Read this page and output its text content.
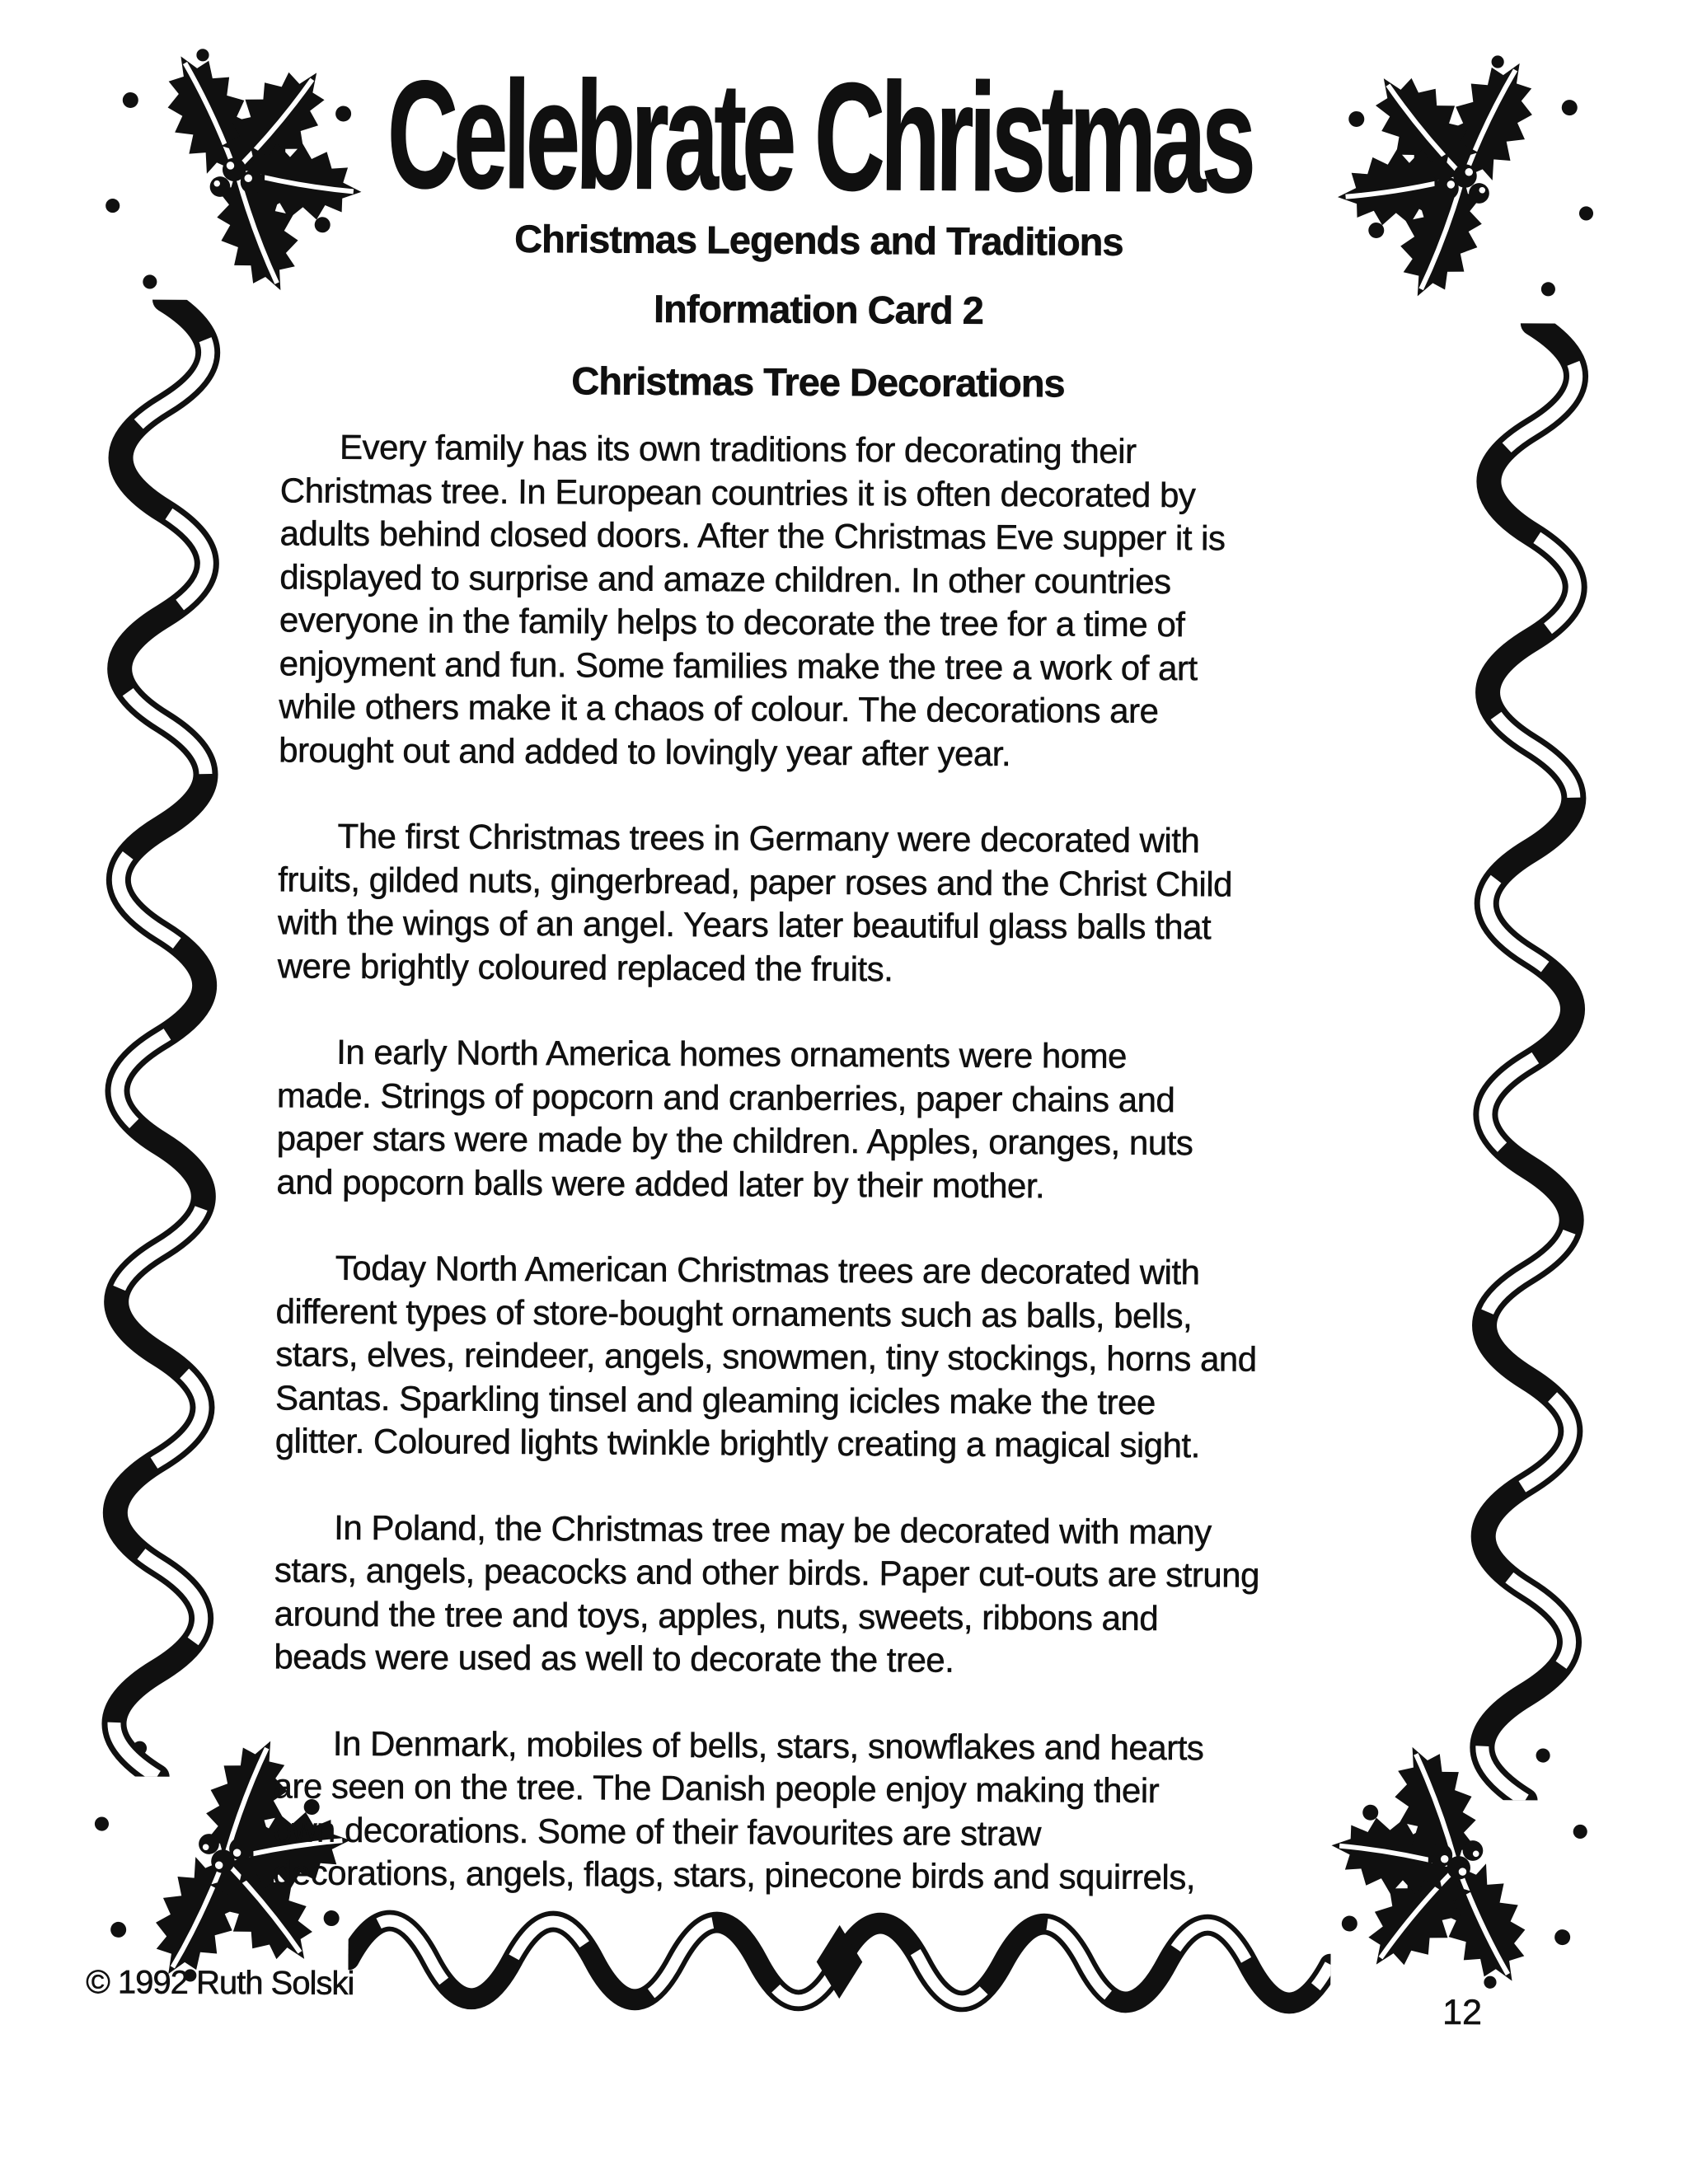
Celebrate Christmas
Christmas Legends and Traditions
Information Card 2
Christmas Tree Decorations

Every family has its own traditions for decorating their
Christmas tree. In European countries it is often decorated by
adults behind closed doors. After the Christmas Eve supper it is
displayed to surprise and amaze children. In other countries
everyone in the family helps to decorate the tree for a time of
enjoyment and fun. Some families make the tree a work of art
while others make it a chaos of colour. The decorations are
brought out and added to lovingly year after year.

The first Christmas trees in Germany were decorated with
fruits, gilded nuts, gingerbread, paper roses and the Christ Child
with the wings of an angel. Years later beautiful glass balls that
were brightly coloured replaced the fruits.

In early North America homes ornaments were home
made. Strings of popcorn and cranberries, paper chains and
paper stars were made by the children. Apples, oranges, nuts
and popcorn balls were added later by their mother.

Today North American Christmas trees are decorated with
different types of store-bought ornaments such as balls, bells,
stars, elves, reindeer, angels, snowmen, tiny stockings, horns and
Santas. Sparkling tinsel and gleaming icicles make the tree
glitter. Coloured lights twinkle brightly creating a magical sight.

In Poland, the Christmas tree may be decorated with many
stars, angels, peacocks and other birds. Paper cut-outs are strung
around the tree and toys, apples, nuts, sweets, ribbons and
beads were used as well to decorate the tree.

In Denmark, mobiles of bells, stars, snowflakes and hearts
are seen on the tree. The Danish people enjoy making their
own decorations. Some of their favourites are straw
decorations, angels, flags, stars, pinecone birds and squirrels,

© 1992 Ruth Solski
12
